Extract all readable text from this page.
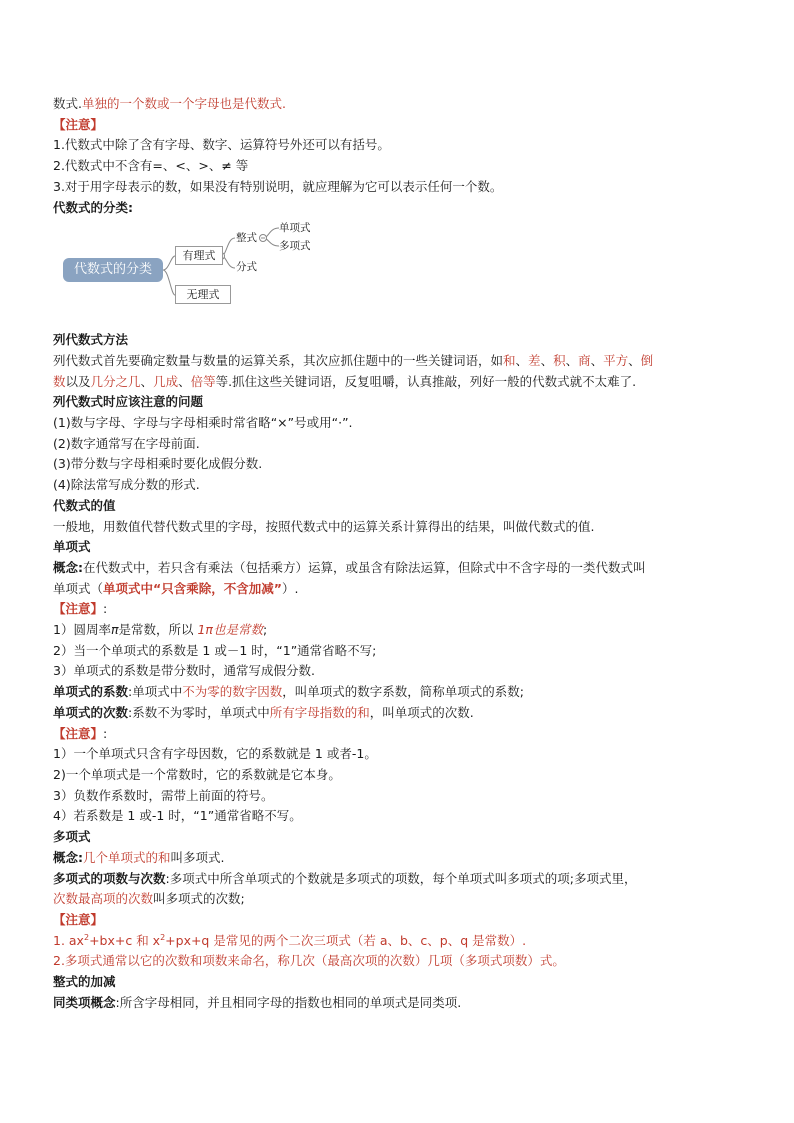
数式.单独的一个数或一个字母也是代数式.

【注意】

1.代数式中除了含有字母、数字、运算符号外还可以有括号。

2.代数式中不含有=、<、>、≠ 等

3.对于用字母表示的数，如果没有特别说明，就应理解为它可以表示任何一个数。

代数式的分类:

代数式的分类
有理式
无理式
整式
分式
单项式
多项式

列代数式方法

列代数式首先要确定数量与数量的运算关系，其次应抓住题中的一些关键词语，如和、差、积、商、平方、倒

数以及几分之几、几成、倍等等.抓住这些关键词语，反复咀嚼，认真推敲，列好一般的代数式就不太难了.

列代数式时应该注意的问题

(1)数与字母、字母与字母相乘时常省略“×”号或用“·”.

(2)数字通常写在字母前面.

(3)带分数与字母相乘时要化成假分数.

(4)除法常写成分数的形式.

代数式的值

一般地，用数值代替代数式里的字母，按照代数式中的运算关系计算得出的结果，叫做代数式的值.

单项式

概念:在代数式中，若只含有乘法（包括乘方）运算，或虽含有除法运算，但除式中不含字母的一类代数式叫

单项式（单项式中“只含乘除，不含加减”）.

【注意】:

1）圆周率π是常数，所以 1π也是常数;

2）当一个单项式的系数是 1 或－1 时，“1”通常省略不写;

3）单项式的系数是带分数时，通常写成假分数.

单项式的系数:单项式中不为零的数字因数，叫单项式的数字系数，简称单项式的系数;

单项式的次数:系数不为零时，单项式中所有字母指数的和，叫单项式的次数.

【注意】:

1）一个单项式只含有字母因数，它的系数就是 1 或者-1。

2)一个单项式是一个常数时，它的系数就是它本身。

3）负数作系数时，需带上前面的符号。

4）若系数是 1 或-1 时，“1”通常省略不写。

多项式

概念:几个单项式的和叫多项式.

多项式的项数与次数:多项式中所含单项式的个数就是多项式的项数，每个单项式叫多项式的项;多项式里，

次数最高项的次数叫多项式的次数;

【注意】

1. $ax^2+bx+c$ 和 $x^2+px+q$ 是常见的两个二次三项式（若 a、b、c、p、q 是常数）.

2.多项式通常以它的次数和项数来命名，称几次（最高次项的次数）几项（多项式项数）式。

整式的加减

同类项概念:所含字母相同，并且相同字母的指数也相同的单项式是同类项.
